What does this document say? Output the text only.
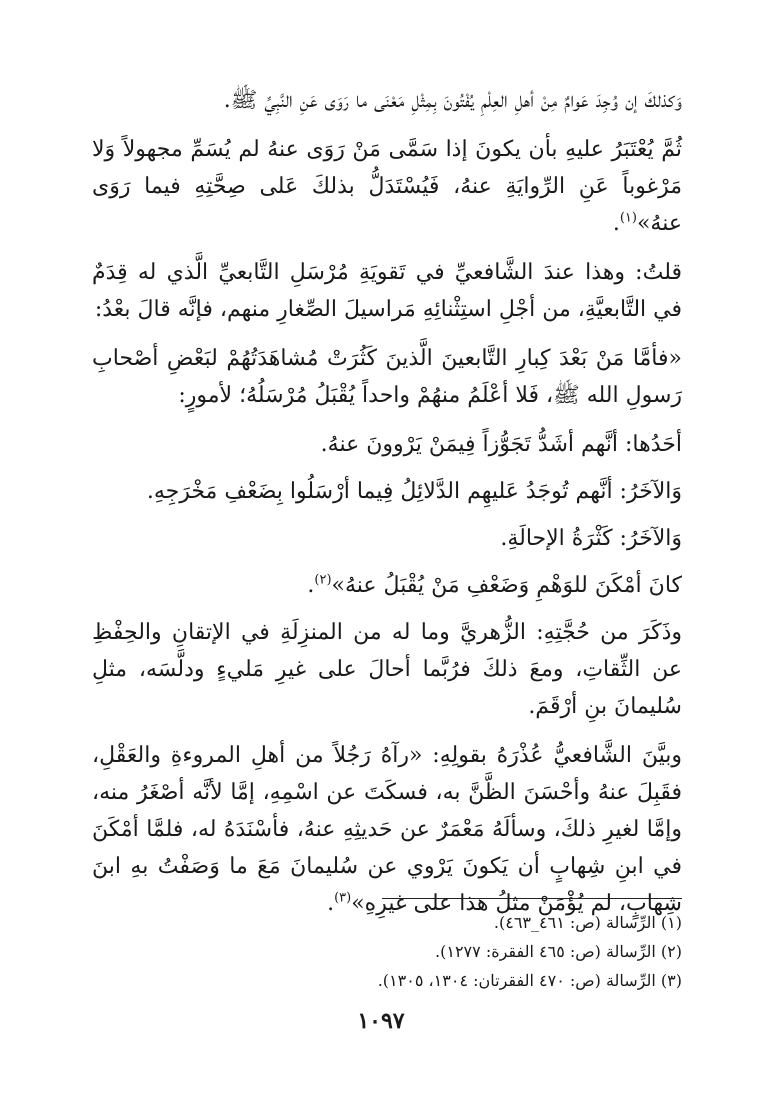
وَكذلكَ إن وُجِدَ عَوامٌ مِنْ أهلِ العِلْمِ يُفْتُونَ بِمِثْلِ مَعْنَى ما رَوَى عَنِ النَّبِيِّ ﷺ.

ثُمَّ يُعْتَبَرُ عليهِ بأن يكونَ إذا سَمَّى مَنْ رَوَى عنهُ لم يُسَمِّ مجهولاً وَلا مَرْغوباً عَنِ الرِّوايَةِ عنهُ، فَيُسْتَدَلُّ بذلكَ عَلى صِحَّتِهِ فيما رَوَى عنهُ»$^{(١)}$.

قلتُ: وهذا عندَ الشَّافعيِّ في تَقويَةِ مُرْسَلِ التَّابعيِّ الَّذي له قِدَمٌ في التَّابعيَّةِ، من أجْلِ استِثْنائِهِ مَراسيلَ الصِّغارِ منهم، فإنَّه قالَ بعْدُ:

«فأمَّا مَنْ بَعْدَ كِبارِ التَّابعينَ الَّذينَ كَثُرَتْ مُشاهَدَتُهُمْ لبَعْضِ أصْحابِ رَسولِ الله ﷺ، فَلا أعْلَمُ منهُمْ واحداً يُقْبَلُ مُرْسَلُهُ؛ لأمورٍ:

أحَدُها: أنَّهم أشَدُّ تَجَوُّزاً فِيمَنْ يَرْوونَ عنهُ.

وَالآخَرُ: أنَّهم تُوجَدُ عَليهِم الدَّلائِلُ فِيما أرْسَلُوا بِضَعْفِ مَخْرَجِهِ.

وَالآخَرُ: كَثْرَةُ الإحالَةِ.

كانَ أمْكَنَ للوَهْمِ وَضَعْفِ مَنْ يُقْبَلُ عنهُ»$^{(٢)}$.

وذَكَرَ من حُجَّتِهِ: الزُّهريَّ وما له من المنزِلَةِ في الإتقانِ والحِفْظِ عن الثِّقاتِ، ومعَ ذلكَ فرُبَّما أحالَ على غيرِ مَليءٍ ودلَّسَه، مثلِ سُليمانَ بنِ أرْقَمَ.

وبيَّنَ الشَّافعيُّ عُذْرَهُ بقولِهِ: «رآهُ رَجُلاً من أهلِ المروءةِ والعَقْلِ، فقَبِلَ عنهُ وأحْسَنَ الظَّنَّ به، فسكَتَ عن اسْمِهِ، إمَّا لأنَّه أصْغَرُ منه، وإمَّا لغيرِ ذلكَ، وسألَهُ مَعْمَرٌ عن حَديثِهِ عنهُ، فأسْنَدَهُ له، فلمَّا أمْكَنَ في ابنِ شِهابٍ أن يَكونَ يَرْوي عن سُليمانَ مَعَ ما وَصَفْتُ بهِ ابنَ شِهابٍ، لم يُؤْمَنْ مثلُ هذا على غيرِهِ»$^{(٣)}$.

(١) الرِّسالة (ص: ٤٦١_٤٦٣).
(٢) الرِّسالة (ص: ٤٦٥ الفقرة: ١٢٧٧).
(٣) الرِّسالة (ص: ٤٧٠ الفقرتان: ١٣٠٤، ١٣٠٥).
١٠٩٧
